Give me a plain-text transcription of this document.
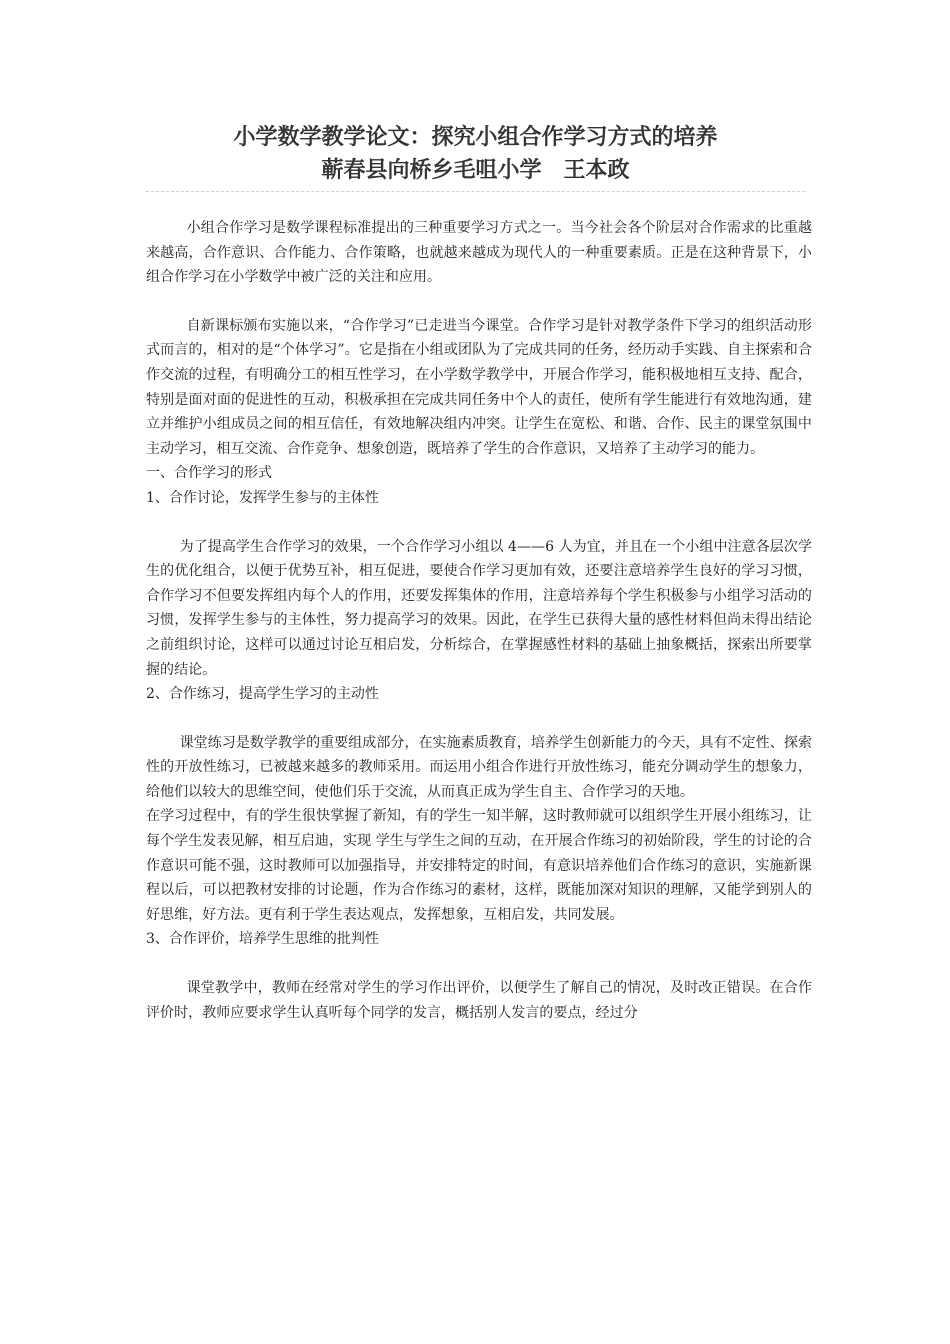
小学数学教学论文：探究小组合作学习方式的培养
蕲春县向桥乡毛咀小学　王本政

小组合作学习是数学课程标准提出的三种重要学习方式之一。当今社会各个阶层对合作需求的比重越来越高，合作意识、合作能力、合作策略，也就越来越成为现代人的一种重要素质。正是在这种背景下，小组合作学习在小学数学中被广泛的关注和应用。

自新课标颁布实施以来，“合作学习”已走进当今课堂。合作学习是针对教学条件下学习的组织活动形式而言的，相对的是“个体学习”。它是指在小组或团队为了完成共同的任务，经历动手实践、自主探索和合作交流的过程，有明确分工的相互性学习，在小学数学教学中，开展合作学习，能积极地相互支持、配合，特别是面对面的促进性的互动，积极承担在完成共同任务中个人的责任，使所有学生能进行有效地沟通，建立并维护小组成员之间的相互信任，有效地解决组内冲突。让学生在宽松、和谐、合作、民主的课堂氛围中主动学习，相互交流、合作竞争、想象创造，既培养了学生的合作意识，又培养了主动学习的能力。

一、合作学习的形式

1、合作讨论，发挥学生参与的主体性

为了提高学生合作学习的效果，一个合作学习小组以 4——6 人为宜，并且在一个小组中注意各层次学生的优化组合，以便于优势互补，相互促进，要使合作学习更加有效，还要注意培养学生良好的学习习惯，合作学习不但要发挥组内每个人的作用，还要发挥集体的作用，注意培养每个学生积极参与小组学习活动的习惯，发挥学生参与的主体性，努力提高学习的效果。因此，在学生已获得大量的感性材料但尚未得出结论之前组织讨论，这样可以通过讨论互相启发，分析综合，在掌握感性材料的基础上抽象概括，探索出所要掌握的结论。

2、合作练习，提高学生学习的主动性

课堂练习是数学教学的重要组成部分，在实施素质教育，培养学生创新能力的今天，具有不定性、探索性的开放性练习，已被越来越多的教师采用。而运用小组合作进行开放性练习，能充分调动学生的想象力，给他们以较大的思维空间，使他们乐于交流，从而真正成为学生自主、合作学习的天地。

在学习过程中，有的学生很快掌握了新知，有的学生一知半解，这时教师就可以组织学生开展小组练习，让每个学生发表见解，相互启迪，实现 学生与学生之间的互动，在开展合作练习的初始阶段，学生的讨论的合作意识可能不强，这时教师可以加强指导，并安排特定的时间，有意识培养他们合作练习的意识，实施新课程以后，可以把教材安排的讨论题，作为合作练习的素材，这样，既能加深对知识的理解，又能学到别人的好思维，好方法。更有利于学生表达观点，发挥想象，互相启发，共同发展。

3、合作评价，培养学生思维的批判性

课堂教学中，教师在经常对学生的学习作出评价，以便学生了解自己的情况，及时改正错误。在合作评价时，教师应要求学生认真听每个同学的发言，概括别人发言的要点，经过分
